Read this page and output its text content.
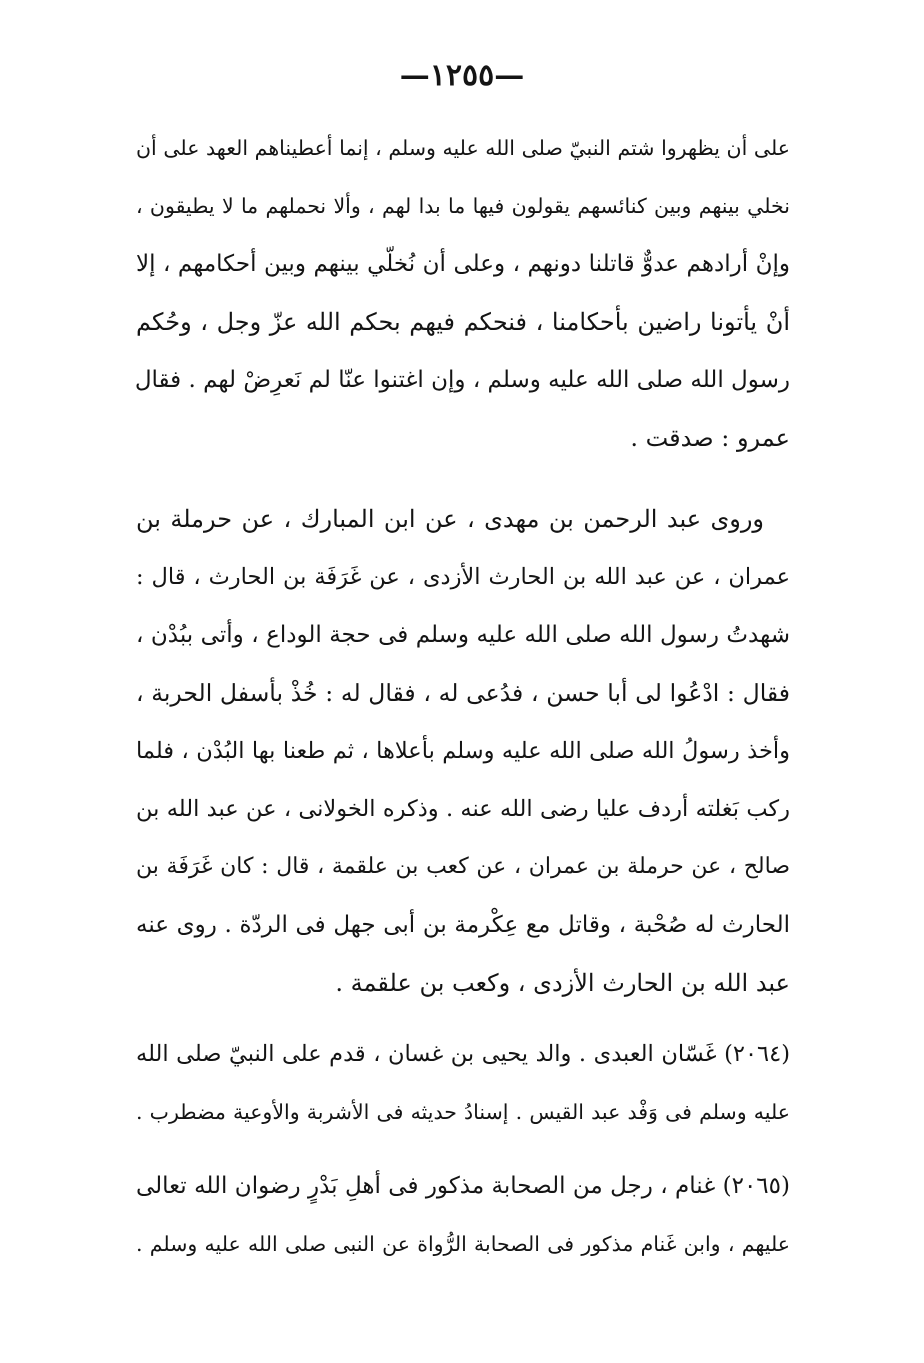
—١٢٥٥—
على أن يظهروا شتم النبيّ صلى الله عليه وسلم ، إنما أعطيناهم العهد على أن
نخلي بينهم وبين كنائسهم يقولون فيها ما بدا لهم ، وألا نحملهم ما لا يطيقون ،
وإنْ أرادهم عدوٌّ قاتلنا دونهم ، وعلى أن نُخلّي بينهم وبين أحكامهم ، إلا
أنْ يأتونا راضين بأحكامنا ، فنحكم فيهم بحكم الله عزّ وجل ، وحُكم
رسول الله صلى الله عليه وسلم ، وإن اغتنوا عنّا لم نَعرِضْ لهم . فقال
عمرو : صدقت .
وروى عبد الرحمن بن مهدى ، عن ابن المبارك ، عن حرملة بن
عمران ، عن عبد الله بن الحارث الأزدى ، عن غَرَفَة بن الحارث ، قال :
شهدتُ رسول الله صلى الله عليه وسلم فى حجة الوداع ، وأتى ببُدْن ،
فقال : ادْعُوا لى أبا حسن ، فدُعى له ، فقال له : خُذْ بأسفل الحربة ،
وأخذ رسولُ الله صلى الله عليه وسلم بأعلاها ، ثم طعنا بها البُدْن ، فلما
ركب بَغلته أردف عليا رضى الله عنه . وذكره الخولانى ، عن عبد الله بن
صالح ، عن حرملة بن عمران ، عن كعب بن علقمة ، قال : كان غَرَفَة بن
الحارث له صُحْبة ، وقاتل مع عِكْرمة بن أبى جهل فى الردّة . روى عنه
عبد الله بن الحارث الأزدى ، وكعب بن علقمة .
(٢٠٦٤) غَسّان العبدى . والد يحيى بن غسان ، قدم على النبيّ صلى الله
عليه وسلم فى وَفْد عبد القيس . إسنادُ حديثه فى الأشربة والأوعية مضطرب .
(٢٠٦٥) غنام ، رجل من الصحابة مذكور فى أهلِ بَدْرٍ رضوان الله تعالى
عليهم ، وابن غَنام مذكور فى الصحابة الرُّواة عن النبى صلى الله عليه وسلم .
